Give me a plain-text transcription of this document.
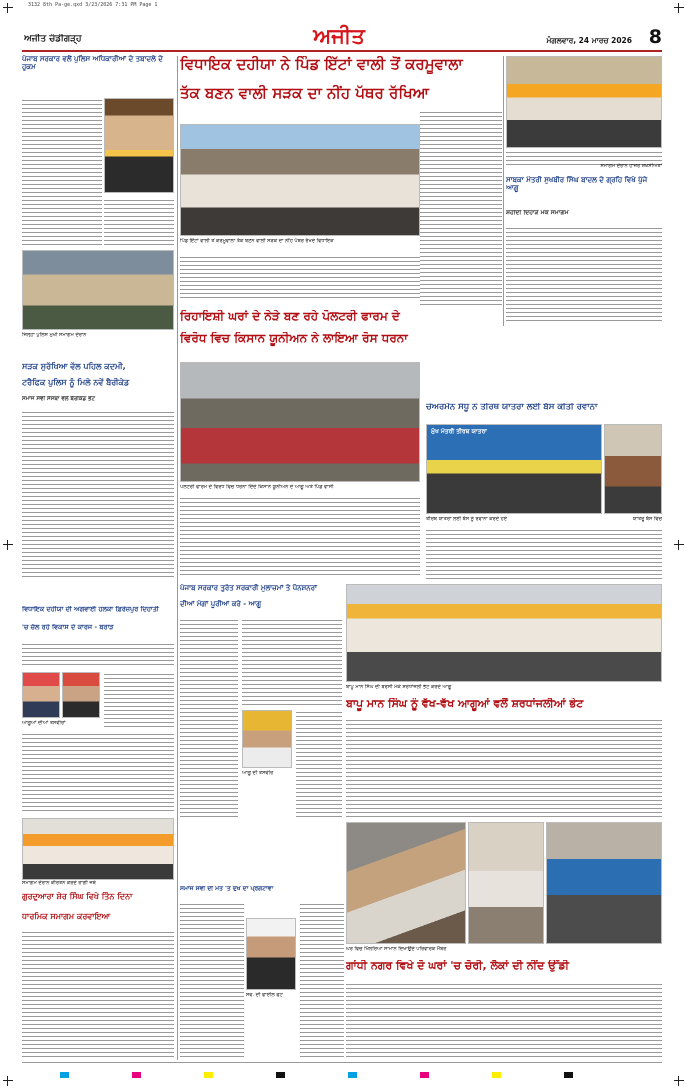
3132 8th Pa-ge.qxd 3/23/2026 7:31 PM Page 1
ਅਜੀਤ ਚੰਡੀਗੜ੍ਹ	ਅਜੀਤ	ਮੰਗਲਵਾਰ, 24 ਮਾਰਚ 2026 8
ਪੰਜਾਬ ਸਰਕਾਰ ਵਲੋਂ ਪੁਲਿਸ ਅਧਿਕਾਰੀਆਂ ਦੇ ਤਬਾਦਲੇ ਦੇ ਹੁਕਮ
ਜ਼ਿਲ੍ਹਾ ਪੁਲਿਸ ਮੁਖੀ ਸਮਾਗਮ ਦੌਰਾਨ
ਵਿਧਾਇਕ ਦਹੀਯਾ ਨੇ ਪਿੰਡ ਇੱਟਾਂ ਵਾਲੀ ਤੋਂ ਕਰਮੂਵਾਲਾ
ਤੱਕ ਬਣਨ ਵਾਲੀ ਸੜਕ ਦਾ ਨੀਂਹ ਪੱਥਰ ਰੱਖਿਆ
ਪਿੰਡ ਇੱਟਾਂ ਵਾਲੀ ਤੋਂ ਕਰਮੂਵਾਲਾ ਤੱਕ ਬਣਨ ਵਾਲੀ ਸੜਕ ਦਾ ਨੀਂਹ ਪੱਥਰ ਰੱਖਦੇ ਵਿਧਾਇਕ
ਸਮਾਗਮ ਦੌਰਾਨ ਹਾਜ਼ਰ ਸ਼ਖ਼ਸੀਅਤਾਂ
ਸਾਬਕਾ ਮੰਤਰੀ ਸੁਖਬੀਰ ਸਿੰਘ ਬਾਦਲ ਦੇ ਗ੍ਰਹਿ ਵਿਖੇ ਪੁੱਜੇ ਆਗੂ
ਸ਼ਹੀਦੀ ਦਿਹਾੜੇ ਮੌਕੇ ਸਮਾਗਮ
ਰਿਹਾਇਸ਼ੀ ਘਰਾਂ ਦੇ ਨੇੜੇ ਬਣ ਰਹੇ ਪੋਲਟਰੀ ਫਾਰਮ ਦੇ
ਵਿਰੋਧ ਵਿਚ ਕਿਸਾਨ ਯੂਨੀਅਨ ਨੇ ਲਾਇਆ ਰੋਸ ਧਰਨਾ
ਪੋਲਟਰੀ ਫਾਰਮ ਦੇ ਵਿਰੋਧ ਵਿਚ ਧਰਨਾ ਦਿੰਦੇ ਕਿਸਾਨ ਯੂਨੀਅਨ ਦੇ ਆਗੂ ਅਤੇ ਪਿੰਡ ਵਾਸੀ
ਸੜਕ ਸੁਰੱਖਿਆ ਵੱਲ ਪਹਿਲ ਕਦਮੀ,
ਟਰੈਫਿਕ ਪੁਲਿਸ ਨੂੰ ਮਿਲੇ ਨਵੇਂ ਬੈਰੀਕੇਡ
ਸਮਾਜ ਸੇਵੀ ਸੰਸਥਾ ਵਲੋਂ ਬੈਰੀਕੇਡ ਭੇਟ
ਚੇਅਰਮੈਨ ਸੰਧੂ ਨੇ ਤੀਰਥ ਯਾਤਰਾ ਲਈ ਬੱਸ ਕੀਤੀ ਰਵਾਨਾ
ਮੁੱਖ ਮੰਤਰੀ ਤੀਰਥ ਯਾਤਰਾ
ਤੀਰਥ ਯਾਤਰਾ ਲਈ ਬੱਸ ਨੂੰ ਰਵਾਨਾ ਕਰਦੇ ਹੋਏ	ਯਾਤਰੂ ਬੱਸ ਵਿਚ
ਵਿਧਾਇਕ ਦਹੀਯਾ ਦੀ ਅਗਵਾਈ ਹਲਕਾ ਫ਼ਿਰੋਜ਼ਪੁਰ ਦਿਹਾਤੀ
'ਚ ਚੱਲ ਰਹੇ ਵਿਕਾਸ ਦੇ ਕਾਰਜ - ਬਰਾੜ
ਆਗੂਆਂ ਦੀਆਂ ਤਸਵੀਰਾਂ
ਪੰਜਾਬ ਸਰਕਾਰ ਤੁਰੰਤ ਸਰਕਾਰੀ ਮੁਲਾਜ਼ਮਾਂ ਤੇ ਪੈਨਸ਼ਨਰਾਂ
ਦੀਆਂ ਮੰਗਾਂ ਪੂਰੀਆਂ ਕਰੇ - ਆਗੂ
ਆਗੂ ਦੀ ਤਸਵੀਰ
ਬਾਪੂ ਮਾਨ ਸਿੰਘ ਦੀ ਬਰਸੀ ਮੌਕੇ ਸ਼ਰਧਾਂਜਲੀ ਭੇਟ ਕਰਦੇ ਆਗੂ
ਬਾਪੂ ਮਾਨ ਸਿੰਘ ਨੂੰ ਵੱਖ-ਵੱਖ ਆਗੂਆਂ ਵਲੋਂ ਸ਼ਰਧਾਂਜਲੀਆਂ ਭੇਟ
ਸਮਾਗਮ ਦੌਰਾਨ ਕੀਰਤਨ ਕਰਦੇ ਰਾਗੀ ਜਥੇ
ਗੁਰਦੁਆਰਾ ਸ਼ੇਰ ਸਿੰਘ ਵਿਖੇ ਤਿੰਨ ਦਿਨਾ
ਧਾਰਮਿਕ ਸਮਾਗਮ ਕਰਵਾਇਆ
ਸਮਾਜ ਸੇਵੀ ਦੀ ਮੌਤ 'ਤੇ ਦੁੱਖ ਦਾ ਪ੍ਰਗਟਾਵਾ
ਸਵ. ਦੀ ਫਾਈਲ ਫੋਟੋ
ਘਰ ਵਿਚ ਖਿੱਲਰਿਆ ਸਾਮਾਨ ਦਿਖਾਉਂਦੇ ਪਰਿਵਾਰਕ ਮੈਂਬਰ
ਗਾਂਧੀ ਨਗਰ ਵਿਖੇ ਦੋ ਘਰਾਂ 'ਚ ਚੋਰੀ, ਲੋਕਾਂ ਦੀ ਨੀਂਦ ਉੱਡੀ
